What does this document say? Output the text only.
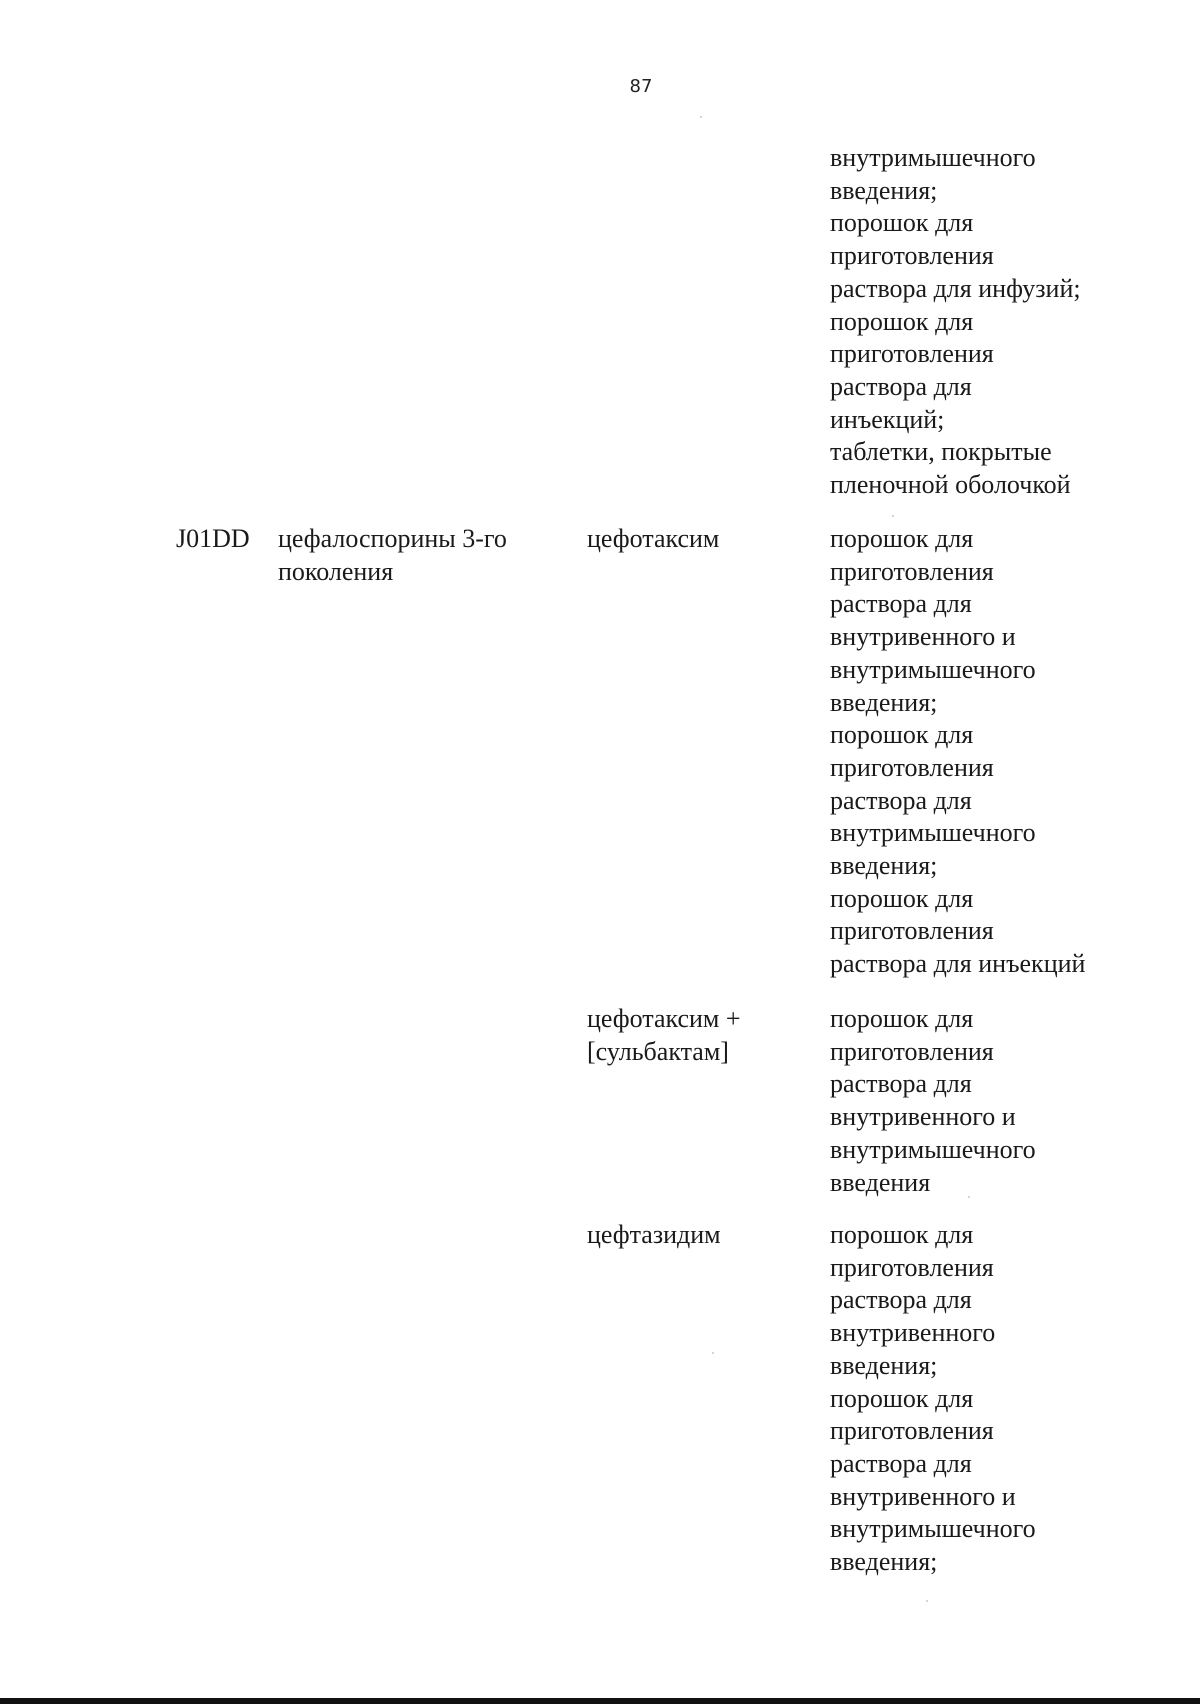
87
внутримышечного
введения;
порошок для
приготовления
раствора для инфузий;
порошок для
приготовления
раствора для
инъекций;
таблетки, покрытые
пленочной оболочкой
J01DD цефалоспорины 3-го
поколения
цефотаксим	порошок для
приготовления
раствора для
внутривенного и
внутримышечного
введения;
порошок для
приготовления
раствора для
внутримышечного
введения;
порошок для
приготовления
раствора для инъекций
цефотаксим +
[сульбактам]
порошок для
приготовления
раствора для
внутривенного и
внутримышечного
введения
цефтазидим	порошок для
приготовления
раствора для
внутривенного
введения;
порошок для
приготовления
раствора для
внутривенного и
внутримышечного
введения;
